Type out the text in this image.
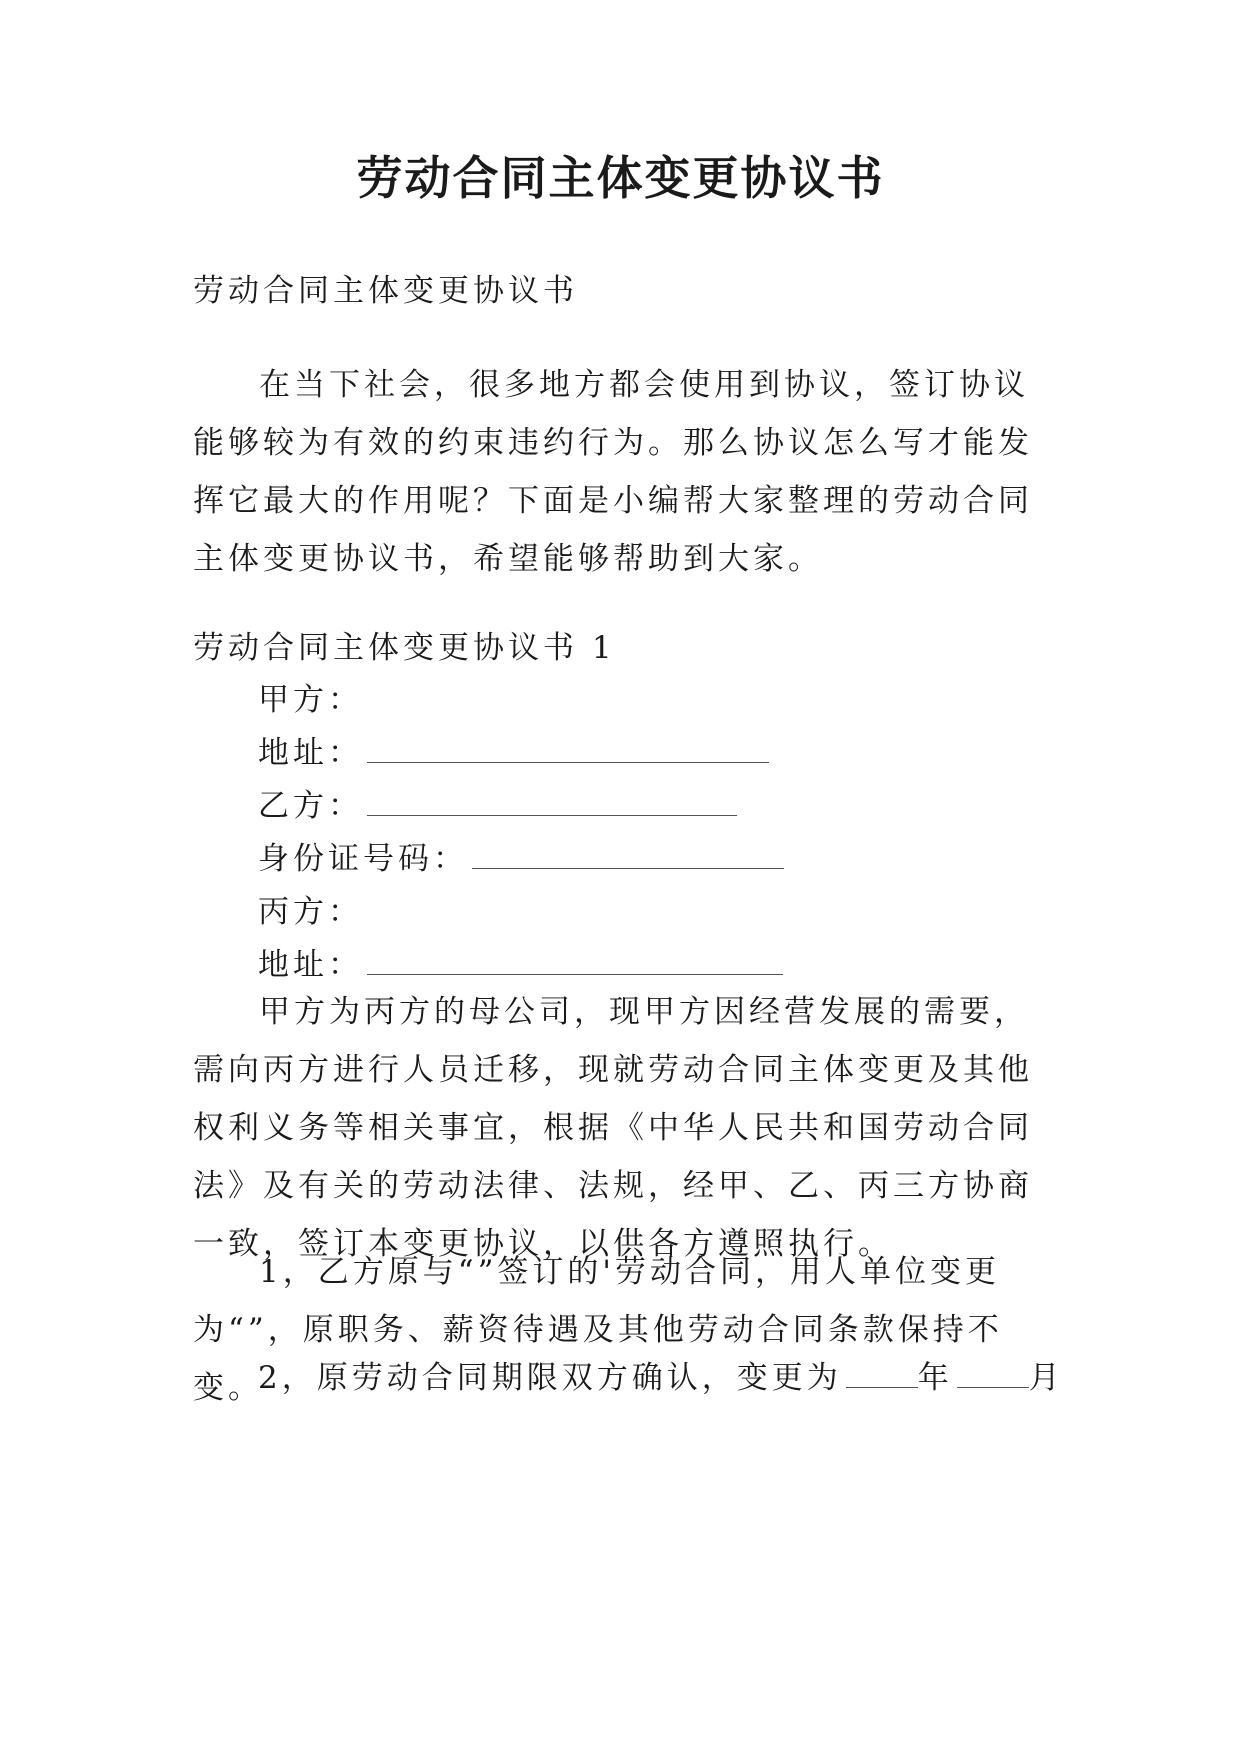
劳动合同主体变更协议书

劳动合同主体变更协议书

在当下社会，很多地方都会使用到协议，签订协议能够较为有效的约束违约行为。那么协议怎么写才能发挥它最大的作用呢？下面是小编帮大家整理的劳动合同主体变更协议书，希望能够帮助到大家。

劳动合同主体变更协议书 1

甲方：
地址：
乙方：
身份证号码：
丙方：
地址：

甲方为丙方的母公司，现甲方因经营发展的需要，需向丙方进行人员迁移，现就劳动合同主体变更及其他权利义务等相关事宜，根据《中华人民共和国劳动合同法》及有关的劳动法律、法规，经甲、乙、丙三方协商一致，签订本变更协议，以供各方遵照执行。

1，乙方原与“”签订的'劳动合同，用人单位变更为“”，原职务、薪资待遇及其他劳动合同条款保持不变。

2，原劳动合同期限双方确认，变更为 年 月
